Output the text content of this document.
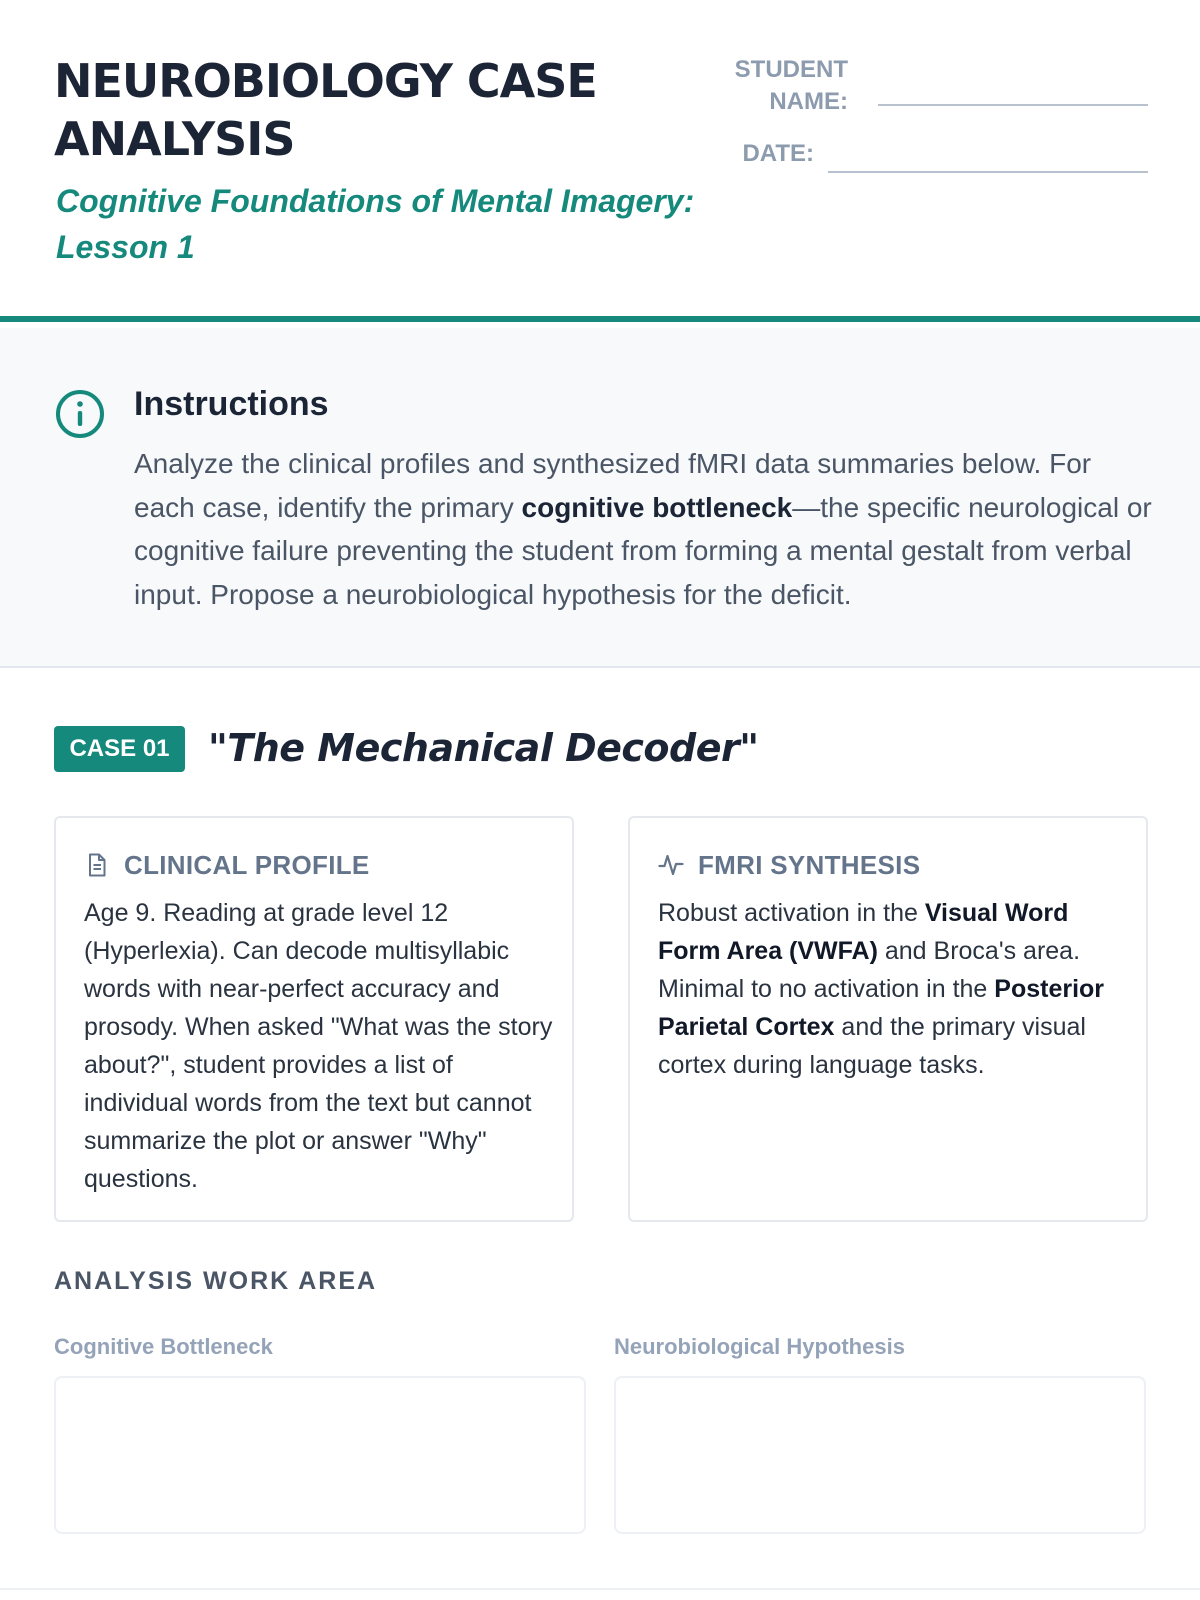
NEUROBIOLOGY CASE ANALYSIS
Cognitive Foundations of Mental Imagery: Lesson 1
STUDENT
NAME:
DATE:
Instructions

Analyze the clinical profiles and synthesized fMRI data summaries below. For each case, identify the primary cognitive bottleneck—the specific neurological or cognitive failure preventing the student from forming a mental gestalt from verbal input. Propose a neurobiological hypothesis for the deficit.

CASE 01	"The Mechanical Decoder"
CLINICAL PROFILE

Age 9. Reading at grade level 12 (Hyperlexia). Can decode multisyllabic words with near-perfect accuracy and prosody. When asked "What was the story about?", student provides a list of individual words from the text but cannot summarize the plot or answer "Why" questions.

FMRI SYNTHESIS

Robust activation in the Visual Word Form Area (VWFA) and Broca's area. Minimal to no activation in the Posterior Parietal Cortex and the primary visual cortex during language tasks.

ANALYSIS WORK AREA
Cognitive Bottleneck	Neurobiological Hypothesis
